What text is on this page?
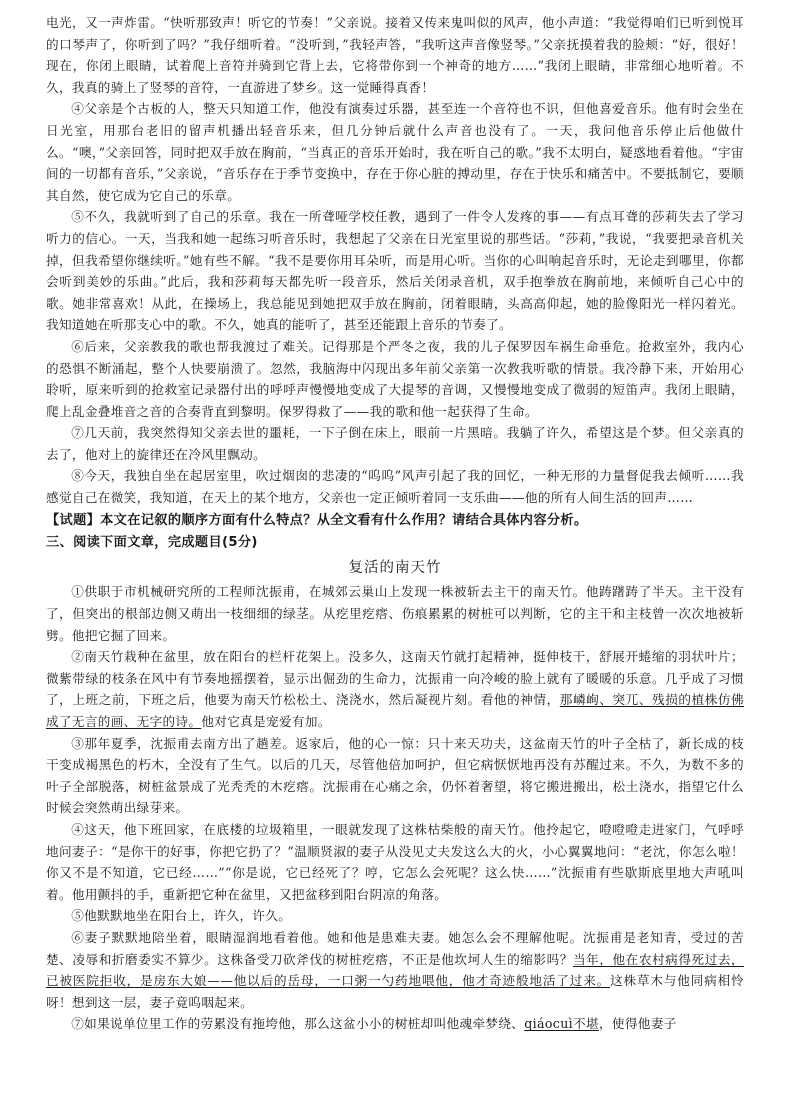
电光，又一声炸雷。“快听那致声！听它的节奏！”父亲说。接着又传来鬼叫似的风声，他小声道：“我觉得咱们已听到悦耳的口琴声了，你听到了吗？”我仔细听着。“没听到，”我轻声答，“我听这声音像竖琴。”父亲抚摸着我的脸颊：“好，很好！现在，你闭上眼睛，试着爬上音符并骑到它背上去，它将带你到一个神奇的地方……”我闭上眼睛，非常细心地听着。不久，我真的骑上了竖琴的音符，一直游进了梦乡。这一觉睡得真香！

④父亲是个古板的人，整天只知道工作，他没有演奏过乐器，甚至连一个音符也不识，但他喜爱音乐。他有时会坐在日光室，用那台老旧的留声机播出轻音乐来，但几分钟后就什么声音也没有了。一天，我问他音乐停止后他做什么。“噢，”父亲回答，同时把双手放在胸前，“当真正的音乐开始时，我在听自己的歌。”我不太明白，疑惑地看着他。“宇宙间的一切都有音乐，”父亲说，“音乐存在于季节变换中，存在于你心脏的搏动里，存在于快乐和痛苦中。不要抵制它，要顺其自然，使它成为它自己的乐章。

⑤不久，我就听到了自己的乐章。我在一所聋哑学校任教，遇到了一件令人发疼的事——有点耳聋的莎莉失去了学习听力的信心。一天，当我和她一起练习听音乐时，我想起了父亲在日光室里说的那些话。“莎莉，”我说，“我要把录音机关掉，但我希望你继续听。”她有些不解。“我不是要你用耳朵听，而是用心听。当你的心叫响起音乐时，无论走到哪里，你都会听到美妙的乐曲。”此后，我和莎莉每天都先听一段音乐，然后关闭录音机，双手抱拳放在胸前地，来倾听自己心中的歌。她非常喜欢！从此，在操场上，我总能见到她把双手放在胸前，闭着眼睛，头高高仰起，她的脸像阳光一样闪着光。我知道她在听那支心中的歌。不久，她真的能听了，甚至还能跟上音乐的节奏了。

⑥后来，父亲教我的歌也帮我渡过了难关。记得那是个严冬之夜，我的儿子保罗因车祸生命垂危。抢救室外，我内心的恐惧不断涌起，整个人快要崩溃了。忽然，我脑海中闪现出多年前父亲第一次教我听歌的情景。我冷静下来，开始用心聆听，原来听到的抢救室记录器付出的呼呼声慢慢地变成了大提琴的音调，又慢慢地变成了微弱的短笛声。我闭上眼睛，爬上乱金叠堆音之音的合奏背直到黎明。保罗得救了——我的歌和他一起获得了生命。

⑦几天前，我突然得知父亲去世的噩耗，一下子倒在床上，眼前一片黑暗。我躺了许久，希望这是个梦。但父亲真的去了，他对上的旋律还在冷风里飘动。

⑧今天，我独自坐在起居室里，吹过烟囱的悲凄的“呜呜”风声引起了我的回忆，一种无形的力量督促我去倾听……我感觉自己在微笑，我知道，在天上的某个地方，父亲也一定正倾听着同一支乐曲——他的所有人间生活的回声……

【试题】本文在记叙的顺序方面有什么特点？从全文看有什么作用？请结合具体内容分析。

三、阅读下面文章，完成题目(5分)

复活的南天竹

①供职于市机械研究所的工程师沈振甫，在城郊云巢山上发现一株被斩去主干的南天竹。他踌躇踌了半天。主干没有了，但突出的根部边侧又萌出一枝细细的绿茎。从疙里疙瘩、伤痕累累的树桩可以判断，它的主干和主枝曾一次次地被斩劈。他把它掘了回来。

②南天竹栽种在盆里，放在阳台的栏杆花架上。没多久，这南天竹就打起精神，挺伸枝干，舒展开蜷缩的羽状叶片；微紫带绿的枝条在风中有节奏地摇摆着，显示出倔劲的生命力，沈振甫一向冷峻的脸上就有了暖暖的乐意。几乎成了习惯了，上班之前，下班之后，他要为南天竹松松土、浇浇水，然后凝视片刻。看他的神情，那嶙峋、突兀、残损的植株仿佛成了无言的画、无字的诗。他对它真是宠爱有加。

③那年夏季，沈振甫去南方出了趟差。返家后，他的心一惊：只十来天功夫，这盆南天竹的叶子全枯了，新长成的枝干变成褐黑色的朽木，全没有了生气。以后的几天，尽管他倍加呵护，但它病恹恹地再没有苏醒过来。不久，为数不多的叶子全部脱落，树桩盆景成了光秃秃的木疙瘩。沈振甫在心痛之余，仍怀着奢望，将它搬进搬出，松土浇水，指望它什么时候会突然萌出绿芽来。

④这天，他下班回家，在底楼的垃圾箱里，一眼就发现了这株枯柴般的南天竹。他拎起它，噔噔噔走进家门，气呼呼地问妻子：“是你干的好事，你把它扔了？”温顺贤淑的妻子从没见丈夫发这么大的火，小心翼翼地问：“老沈，你怎么啦！你又不是不知道，它已经……”“你是说，它已经死了？哼，它怎么会死呢？这么快……”沈振甫有些歇斯底里地大声吼叫着。他用颤抖的手，重新把它种在盆里，又把盆移到阳台阴凉的角落。

⑤他默默地坐在阳台上，许久，许久。

⑥妻子默默地陪坐着，眼睛湿润地看着他。她和他是患难夫妻。她怎么会不理解他呢。沈振甫是老知青，受过的苦楚、凌辱和折磨委实不算少。这株备受刀砍斧伐的树桩疙瘩，不正是他坎坷人生的缩影吗？当年，他在农村病得死过去，已被医院拒收，是房东大娘——他以后的岳母，一口粥一勺药地喂他，他才奇迹般地活了过来。这株草木与他同病相怜呀！想到这一层，妻子竟呜咽起来。

⑦如果说单位里工作的劳累没有拖垮他，那么这盆小小的树桩却叫他魂牵梦绕、qiáocuì不堪，使得他妻子
